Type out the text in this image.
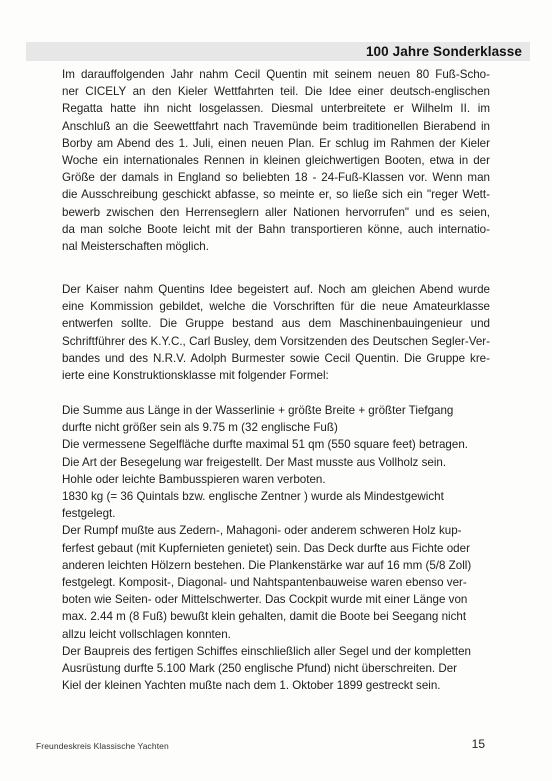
100 Jahre Sonderklasse
Im darauffolgenden Jahr nahm Cecil Quentin mit seinem neuen 80 Fuß-Scho-
ner CICELY an den Kieler Wettfahrten teil. Die Idee einer deutsch-englischen
Regatta hatte ihn nicht losgelassen. Diesmal unterbreitete er Wilhelm II. im
Anschluß an die Seewettfahrt nach Travemünde beim traditionellen Bierabend in
Borby am Abend des 1. Juli, einen neuen Plan. Er schlug im Rahmen der Kieler
Woche ein internationales Rennen in kleinen gleichwertigen Booten, etwa in der
Größe der damals in England so beliebten 18 - 24-Fuß-Klassen vor. Wenn man
die Ausschreibung geschickt abfasse, so meinte er, so ließe sich ein "reger Wett-
bewerb zwischen den Herrenseglern aller Nationen hervorrufen" und es seien,
da man solche Boote leicht mit der Bahn transportieren könne, auch internatio-
nal Meisterschaften möglich.
Der Kaiser nahm Quentins Idee begeistert auf. Noch am gleichen Abend wurde
eine Kommission gebildet, welche die Vorschriften für die neue Amateurklasse
entwerfen sollte. Die Gruppe bestand aus dem Maschinenbauingenieur und
Schriftführer des K.Y.C., Carl Busley, dem Vorsitzenden des Deutschen Segler-Ver-
bandes und des N.R.V. Adolph Burmester sowie Cecil Quentin. Die Gruppe kre-
ierte eine Konstruktionsklasse mit folgender Formel:
Die Summe aus Länge in der Wasserlinie + größte Breite + größter Tiefgang
durfte nicht größer sein als 9.75 m (32 englische Fuß)
Die vermessene Segelfläche durfte maximal 51 qm (550 square feet) betragen.
Die Art der Besegelung war freigestellt. Der Mast musste aus Vollholz sein.
Hohle oder leichte Bambusspieren waren verboten.
1830 kg (= 36 Quintals bzw. englische Zentner ) wurde als Mindestgewicht
festgelegt.
Der Rumpf mußte aus Zedern-, Mahagoni- oder anderem schweren Holz kup-
ferfest gebaut (mit Kupfernieten genietet) sein. Das Deck durfte aus Fichte oder
anderen leichten Hölzern bestehen. Die Plankenstärke war auf 16 mm (5/8 Zoll)
festgelegt. Komposit-, Diagonal- und Nahtspantenbauweise waren ebenso ver-
boten wie Seiten- oder Mittelschwerter. Das Cockpit wurde mit einer Länge von
max. 2.44 m (8 Fuß) bewußt klein gehalten, damit die Boote bei Seegang nicht
allzu leicht vollschlagen konnten.
Der Baupreis des fertigen Schiffes einschließlich aller Segel und der kompletten
Ausrüstung durfte 5.100 Mark (250 englische Pfund) nicht überschreiten. Der
Kiel der kleinen Yachten mußte nach dem 1. Oktober 1899 gestreckt sein.
Freundeskreis Klassische Yachten	15
